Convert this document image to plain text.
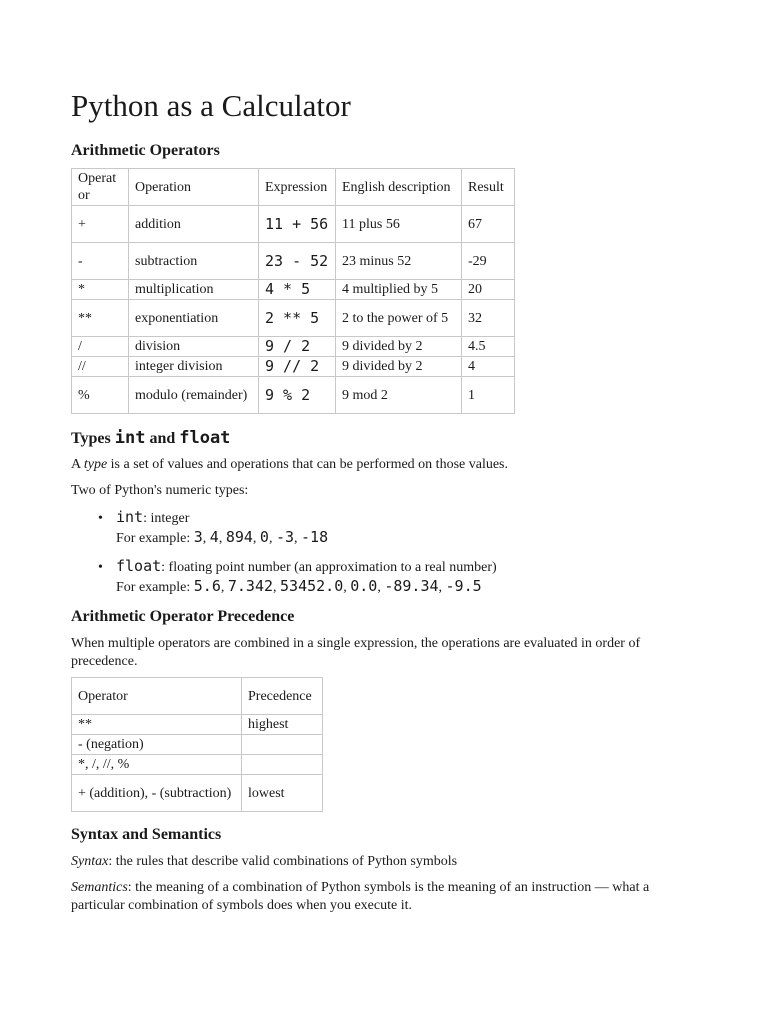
Python as a Calculator
Arithmetic Operators
Operator	Operation	Expression	English description	Result
+	addition	11 + 56	11 plus 56	67
-	subtraction	23 - 52	23 minus 52	-29
*	multiplication	4 * 5	4 multiplied by 5	20
**	exponentiation	2 ** 5	2 to the power of 5	32
/	division	9 / 2	9 divided by 2	4.5
//	integer division	9 // 2	9 divided by 2	4
%	modulo (remainder)	9 % 2	9 mod 2	1
Types int and float

A type is a set of values and operations that can be performed on those values.

Two of Python's numeric types:

• int: integer
For example: 3, 4, 894, 0, -3, -18
• float: floating point number (an approximation to a real number)
For example: 5.6, 7.342, 53452.0, 0.0, -89.34, -9.5
Arithmetic Operator Precedence

When multiple operators are combined in a single expression, the operations are evaluated in order of precedence.

Operator	Precedence
**	highest
- (negation)	
*, /, //, %	
+ (addition), - (subtraction)	lowest
Syntax and Semantics

Syntax: the rules that describe valid combinations of Python symbols

Semantics: the meaning of a combination of Python symbols is the meaning of an instruction — what a particular combination of symbols does when you execute it.
